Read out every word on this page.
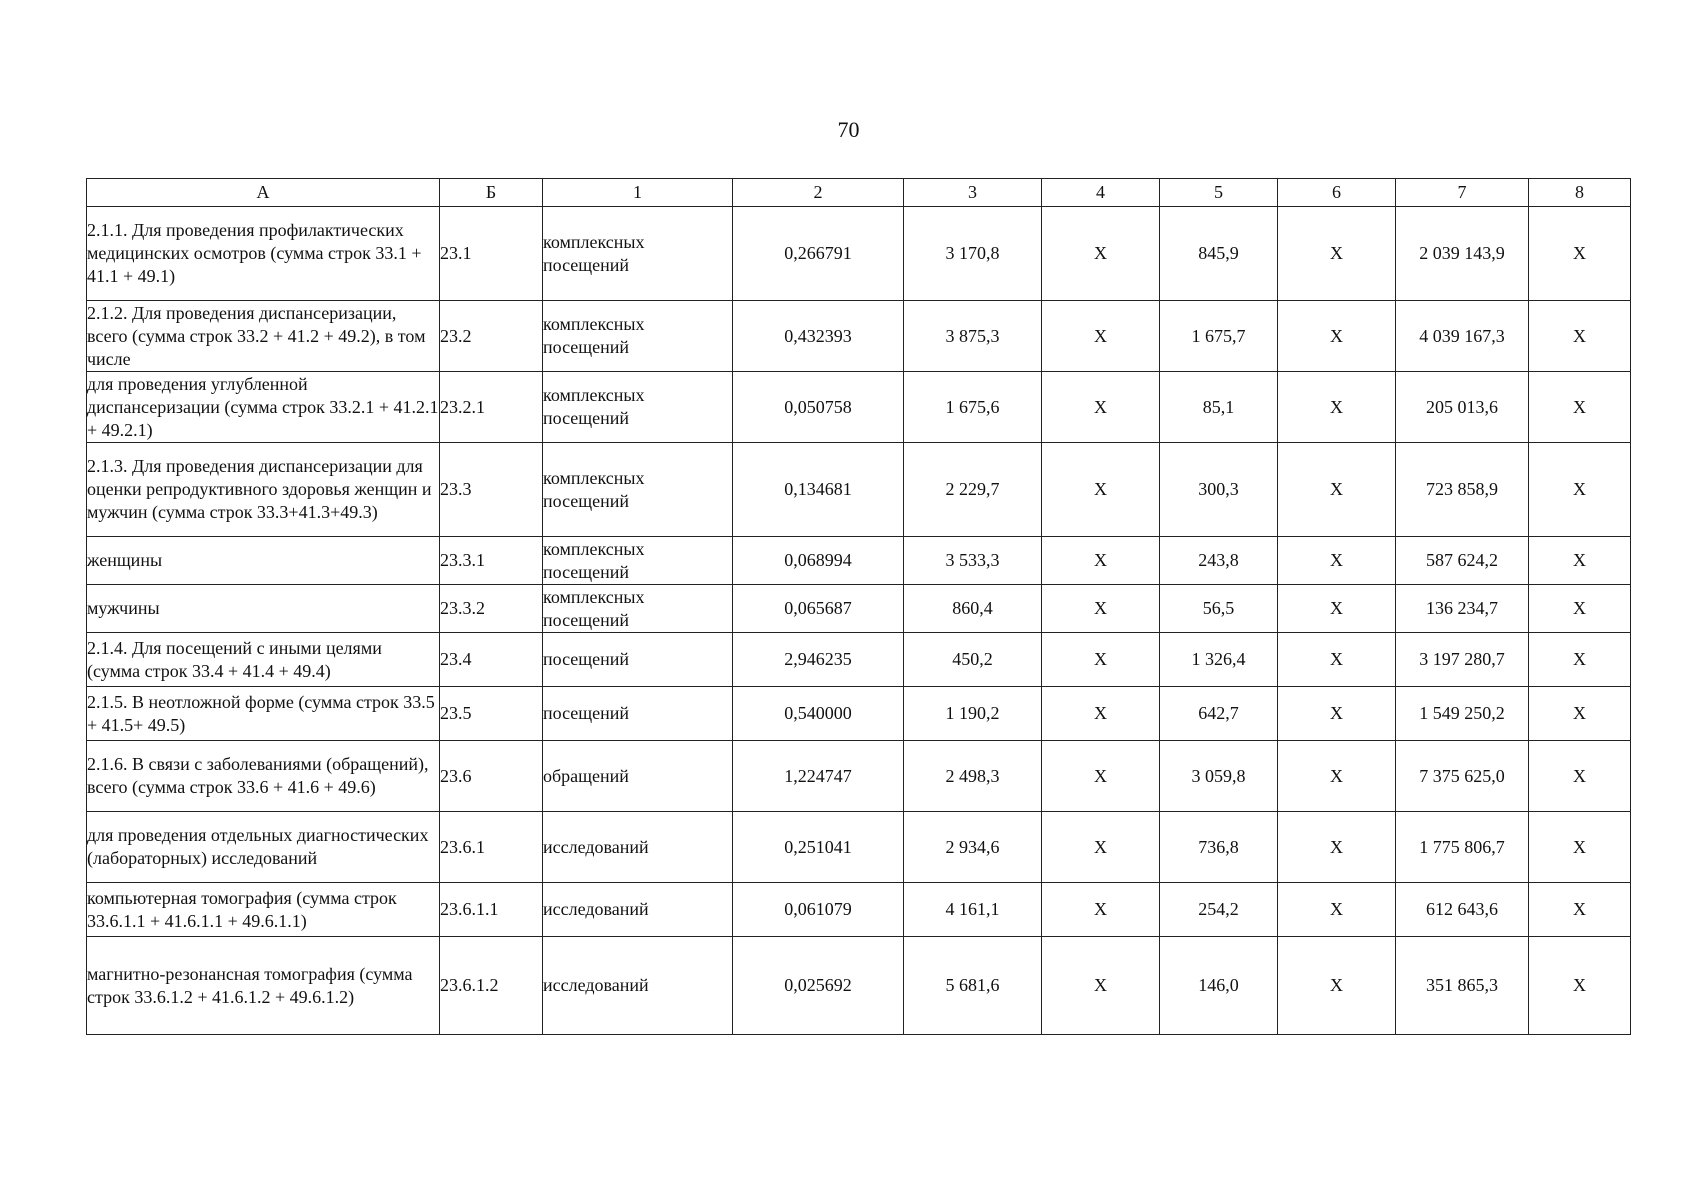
70
А	Б	1	2	3	4	5	6	7	8
2.1.1. Для проведения профилактических медицинских осмотров (сумма строк 33.1 + 41.1 + 49.1)	23.1	комплексных посещений	0,266791	3 170,8	Х	845,9	Х	2 039 143,9	Х
2.1.2. Для проведения диспансеризации, всего (сумма строк 33.2 + 41.2 + 49.2), в том числе	23.2	комплексных посещений	0,432393	3 875,3	Х	1 675,7	Х	4 039 167,3	Х
для проведения углубленной диспансеризации (сумма строк 33.2.1 + 41.2.1 + 49.2.1)	23.2.1	комплексных посещений	0,050758	1 675,6	Х	85,1	Х	205 013,6	Х
2.1.3. Для проведения диспансеризации для оценки репродуктивного здоровья женщин и мужчин (сумма строк 33.3+41.3+49.3)	23.3	комплексных посещений	0,134681	2 229,7	Х	300,3	Х	723 858,9	Х
женщины	23.3.1	комплексных посещений	0,068994	3 533,3	Х	243,8	Х	587 624,2	Х
мужчины	23.3.2	комплексных посещений	0,065687	860,4	Х	56,5	Х	136 234,7	Х
2.1.4. Для посещений с иными целями (сумма строк 33.4 + 41.4 + 49.4)	23.4	посещений	2,946235	450,2	Х	1 326,4	Х	3 197 280,7	Х
2.1.5. В неотложной форме (сумма строк 33.5 + 41.5+ 49.5)	23.5	посещений	0,540000	1 190,2	Х	642,7	Х	1 549 250,2	Х
2.1.6. В связи с заболеваниями (обращений), всего (сумма строк 33.6 + 41.6 + 49.6)	23.6	обращений	1,224747	2 498,3	Х	3 059,8	Х	7 375 625,0	Х
для проведения отдельных диагностических (лабораторных) исследований	23.6.1	исследований	0,251041	2 934,6	Х	736,8	Х	1 775 806,7	Х
компьютерная томография (сумма строк 33.6.1.1 + 41.6.1.1 + 49.6.1.1)	23.6.1.1	исследований	0,061079	4 161,1	Х	254,2	Х	612 643,6	Х
магнитно-резонансная томография (сумма строк 33.6.1.2 + 41.6.1.2 + 49.6.1.2)	23.6.1.2	исследований	0,025692	5 681,6	Х	146,0	Х	351 865,3	Х
